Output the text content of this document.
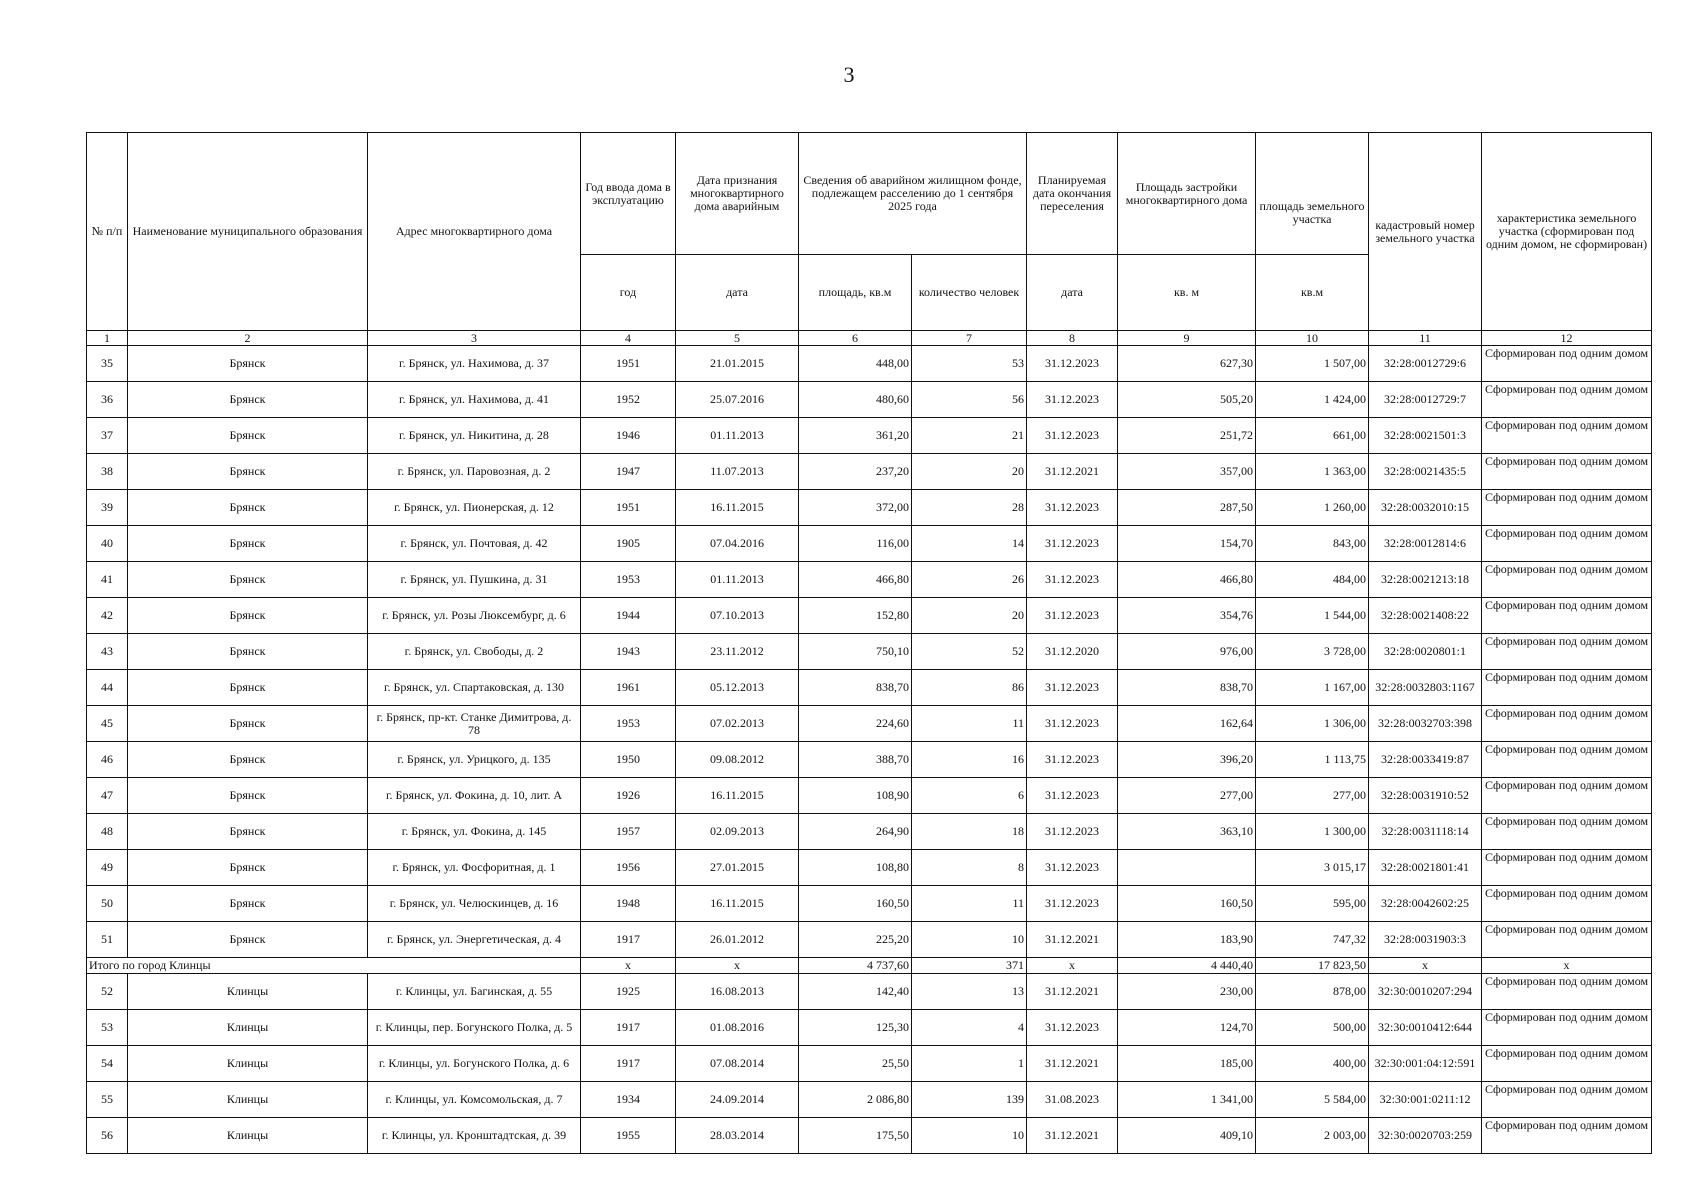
3
№ п/п	Наименование муниципального образования	Адрес многоквартирного дома	Год ввода дома в эксплуатацию	Дата признания многоквартирного дома аварийным	Сведения об аварийном жилищном фонде, подлежащем расселению до 1 сентября 2025 года		Планируемая дата окончания переселения	Площадь застройки многоквартирного дома	площадь земельного участка	кадастровый номер земельного участка	характеристика земельного участка (сформирован под одним домом, не сформирован)
			год	дата	площадь, кв.м	количество человек	дата	кв. м	кв.м		
1	2	3	4	5	6	7	8	9	10	11	12
35	Брянск	г. Брянск, ул. Нахимова, д. 37	1951	21.01.2015	448,00	53	31.12.2023	627,30	1 507,00	32:28:0012729:6	Сформирован под одним домом
36	Брянск	г. Брянск, ул. Нахимова, д. 41	1952	25.07.2016	480,60	56	31.12.2023	505,20	1 424,00	32:28:0012729:7	Сформирован под одним домом
37	Брянск	г. Брянск, ул. Никитина, д. 28	1946	01.11.2013	361,20	21	31.12.2023	251,72	661,00	32:28:0021501:3	Сформирован под одним домом
38	Брянск	г. Брянск, ул. Паровозная, д. 2	1947	11.07.2013	237,20	20	31.12.2021	357,00	1 363,00	32:28:0021435:5	Сформирован под одним домом
39	Брянск	г. Брянск, ул. Пионерская, д. 12	1951	16.11.2015	372,00	28	31.12.2023	287,50	1 260,00	32:28:0032010:15	Сформирован под одним домом
40	Брянск	г. Брянск, ул. Почтовая, д. 42	1905	07.04.2016	116,00	14	31.12.2023	154,70	843,00	32:28:0012814:6	Сформирован под одним домом
41	Брянск	г. Брянск, ул. Пушкина, д. 31	1953	01.11.2013	466,80	26	31.12.2023	466,80	484,00	32:28:0021213:18	Сформирован под одним домом
42	Брянск	г. Брянск, ул. Розы Люксембург, д. 6	1944	07.10.2013	152,80	20	31.12.2023	354,76	1 544,00	32:28:0021408:22	Сформирован под одним домом
43	Брянск	г. Брянск, ул. Свободы, д. 2	1943	23.11.2012	750,10	52	31.12.2020	976,00	3 728,00	32:28:0020801:1	Сформирован под одним домом
44	Брянск	г. Брянск, ул. Спартаковская, д. 130	1961	05.12.2013	838,70	86	31.12.2023	838,70	1 167,00	32:28:0032803:1167	Сформирован под одним домом
45	Брянск	г. Брянск, пр-кт. Станке Димитрова, д. 78	1953	07.02.2013	224,60	11	31.12.2023	162,64	1 306,00	32:28:0032703:398	Сформирован под одним домом
46	Брянск	г. Брянск, ул. Урицкого, д. 135	1950	09.08.2012	388,70	16	31.12.2023	396,20	1 113,75	32:28:0033419:87	Сформирован под одним домом
47	Брянск	г. Брянск, ул. Фокина, д. 10, лит. А	1926	16.11.2015	108,90	6	31.12.2023	277,00	277,00	32:28:0031910:52	Сформирован под одним домом
48	Брянск	г. Брянск, ул. Фокина, д. 145	1957	02.09.2013	264,90	18	31.12.2023	363,10	1 300,00	32:28:0031118:14	Сформирован под одним домом
49	Брянск	г. Брянск, ул. Фосфоритная, д. 1	1956	27.01.2015	108,80	8	31.12.2023		3 015,17	32:28:0021801:41	Сформирован под одним домом
50	Брянск	г. Брянск, ул. Челюскинцев, д. 16	1948	16.11.2015	160,50	11	31.12.2023	160,50	595,00	32:28:0042602:25	Сформирован под одним домом
51	Брянск	г. Брянск, ул. Энергетическая, д. 4	1917	26.01.2012	225,20	10	31.12.2021	183,90	747,32	32:28:0031903:3	Сформирован под одним домом
Итого по город Клинцы			x	x	4 737,60	371	x	4 440,40	17 823,50	x	x
52	Клинцы	г. Клинцы, ул. Багинская, д. 55	1925	16.08.2013	142,40	13	31.12.2021	230,00	878,00	32:30:0010207:294	Сформирован под одним домом
53	Клинцы	г. Клинцы, пер. Богунского Полка, д. 5	1917	01.08.2016	125,30	4	31.12.2023	124,70	500,00	32:30:0010412:644	Сформирован под одним домом
54	Клинцы	г. Клинцы, ул. Богунского Полка, д. 6	1917	07.08.2014	25,50	1	31.12.2021	185,00	400,00	32:30:001:04:12:591	Сформирован под одним домом
55	Клинцы	г. Клинцы, ул. Комсомольская, д. 7	1934	24.09.2014	2 086,80	139	31.08.2023	1 341,00	5 584,00	32:30:001:0211:12	Сформирован под одним домом
56	Клинцы	г. Клинцы, ул. Кронштадтская, д. 39	1955	28.03.2014	175,50	10	31.12.2021	409,10	2 003,00	32:30:0020703:259	Сформирован под одним домом
